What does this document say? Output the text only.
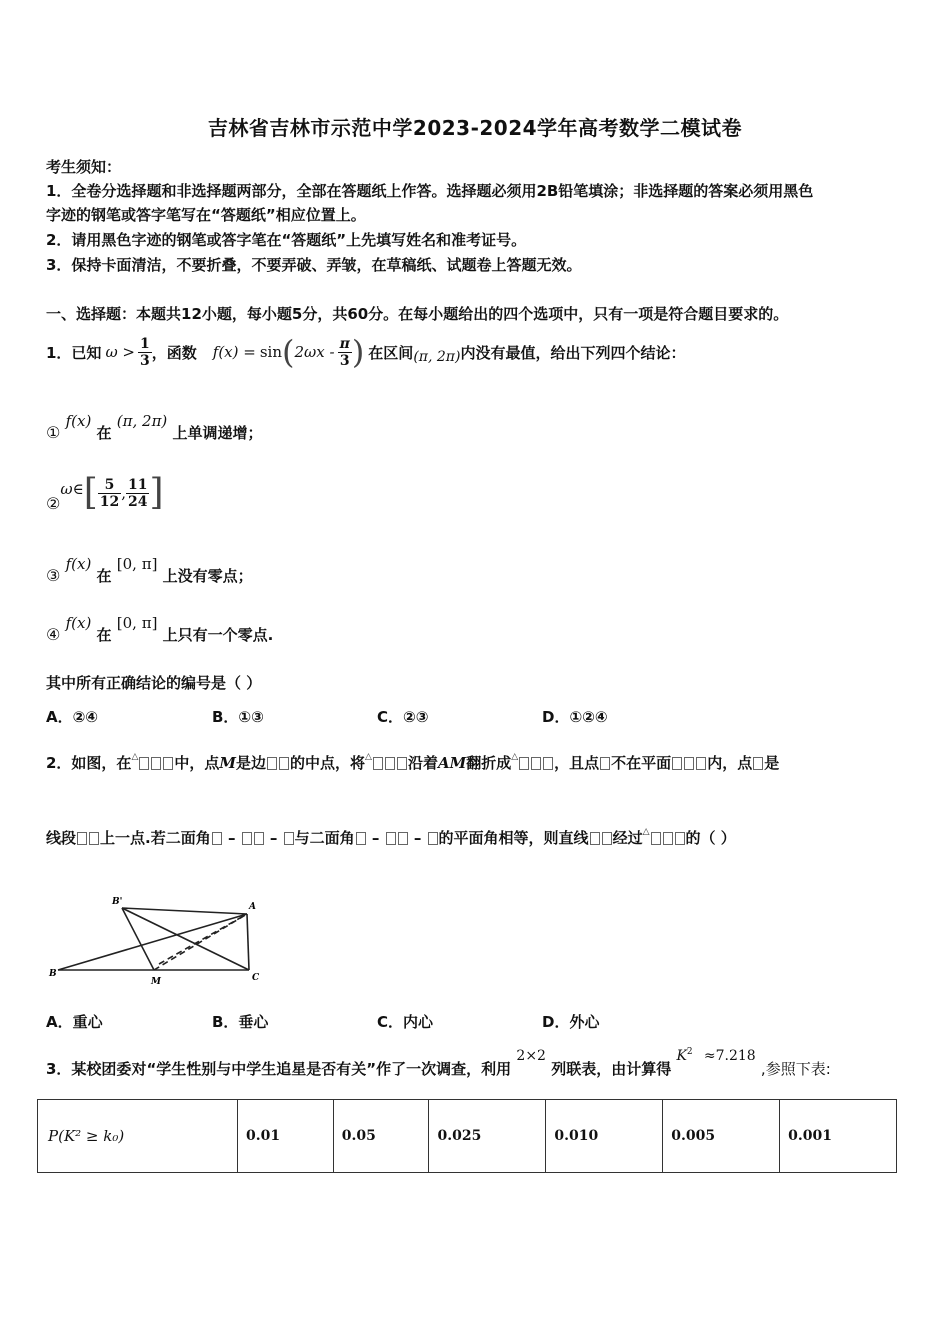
吉林省吉林市示范中学2023-2024学年高考数学二模试卷
考生须知：
1．全卷分选择题和非选择题两部分，全部在答题纸上作答。选择题必须用2B铅笔填涂；非选择题的答案必须用黑色
字迹的钢笔或答字笔写在“答题纸”相应位置上。
2．请用黑色字迹的钢笔或答字笔在“答题纸”上先填写姓名和准考证号。
3．保持卡面清洁，不要折叠，不要弄破、弄皱，在草稿纸、试题卷上答题无效。
一、选择题：本题共12小题，每小题5分，共60分。在每小题给出的四个选项中，只有一项是符合题目要求的。
1．已知 $\omega > \frac{1}{3}$ ，函数 f(x) = sin ( $2\omega x - \frac{\pi}{3}$ ) 在区间 (π, 2π) 内没有最值，给出下列四个结论：
① f(x) 在 (π, 2π) 上单调递增；
②
ω∈ [ $\frac{5}{12}$ , $\frac{11}{24}$ ]
③ f(x) 在 [0, π] 上没有零点；
④ f(x) 在 [0, π] 上只有一个零点.
其中所有正确结论的编号是（ ）
A．②④	B．①③	C．②③	D．①②④
2．如图，在△ 中，点M是边 的中点，将△ 沿着AM翻折成△ ，且点 不在平面 内，点 是
线段 上一点.若二面角 –  – 与二面角 –  – 的平面角相等，则直线 经过△ 的（ ）
B'	A
B
M	C
A．重心	B．垂心	C．内心	D．外心
3．某校团委对“学生性别与中学生追星是否有关”作了一次调查，利用 2×2 列联表，由计算得 $K^2 \approx 7.218$ ,参照下表:
P(K² ≥ k₀)	0.01	0.05	0.025	0.010	0.005	0.001
